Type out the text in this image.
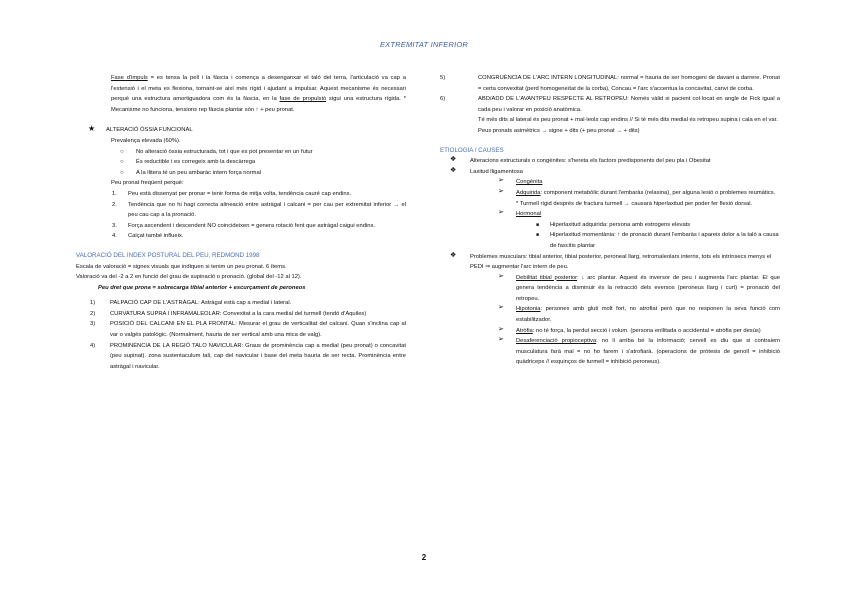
EXTREMITAT INFERIOR

Fase d'impuls = es tensa la pell i la fàscia i comença a desenganxar el taló del terra, l'articulació va cap a l'extensió i el meta es flexiona, tornant-se així més rígid i ajudant a impulsar. Aquest mecanisme és necessari perquè una estructura amortiguadora com és la fàscia, en la fase de propulsió sigui una estructura rígida. * Mecanisme no funciona, tensions rep fàscia plantar són ↑ + peu pronat.

★ ALTERACIÓ ÒSSIA FUNCIONAL

Prevalença elevada (60%).

○ No alteració òssia estructurada, tot i que es pot presentar en un futur

○ És reductible i es corregeix amb la descàrrega

○ A la llitera té un peu ambaràc intern força normal

Peu pronat freqüent perquè:

1. Peu està dissenyat per pronar = tenir forma de mitja volta, tendència cauré cap endins.

2. Tendència que no hi hagi correcta alineació entre astràgal i calcani = per cau per extremitat inferior → el peu cau cap a la pronació.

3. Força ascendent i descendent NO coincideixen = genera rotació fent que astràgal caigui endins.

4. Calçat també influeix.

VALORACIÓ DEL INDEX POSTURAL DEL PEU, REDMOND 1998

Escala de valoració = signes visuals que indiquen si tenim un peu pronat. 6 ítems.

Valoració va del -2 a 2 en funció del grau de supinació o pronació. (global del -12 al 12).

Peu dret que prona = sobrecarga tibial anterior + escurçament de peroneos

1)	PALPACIÓ CAP DE L'ASTRÀGAL: Astràgal està cap a medial i lateral.

2)	CURVATURA SUPRA I INFRAMALEOLAR: Convexitat a la cara medial del turmell (tendó d'Aquiles)

3)	POSICIÓ DEL CALCANI EN EL PLA FRONTAL: Mesurar el grau de verticalitat del calcani. Quan s'inclina cap al var o valgès patològic. (Normalment, hauria de ser vertical amb una mica de valg).

4)	PROMINÈNCIA DE LA REGIÓ TALO NAVICULAR: Graus de prominència cap a medial (peu pronat) o concavitat (peu supinat). zona sustentaculum tali, cap del navicular i base del meta hauria de ser recta. Prominència entre astràgal i navicular.

5)	CONGRUÈNCIA DE L'ARC INTERN LONGITUDINAL: normal = hauria de ser homogeni de davant a darrere. Pronat = certa convexitat (perd homogeneïtat de la corba), Concau = l'arc s'accentua la concavitat, canvi de corba.

6)	ABD/ADD DE L'AVANTPEU RESPECTE AL RETROPEU: Només vàlid si pacient col·locat en angle de Fick igual a cada peu i valorar en posició anatòmica.

Té més dits al lateral és peu pronat + mal·leols cap endins // Si té més dits medial és retropeu supina i cala en el var.

Peus pronats asimètrics → signe + dits (+ peu pronat → + dits)

ETIOLOGIA / CAUSES

❖ Alteracions estructurals o congènites: s'hereta els factors predisponents del peu pla i Obesitat

❖ Laxitud lligamentosa

➢ Congènita

➢ Adquirida: component metabòlic durant l'embaràs (relaxina), per alguna lesió o problemes reumàtics.

* Turmell rígid després de fractura turmell → causarà hiperlaxitud per poder fer flexió dorsal.

➢ Hormonal

■ Hiperlaxitud adquirida: persona amb estrogens elevats

■ Hiperlaxitud momentània: ↑ de pronació durant l'embaràs i apareix dolor a la taló a causa de fascitis plantar

❖ Problemes musculars: tibial anterior, tibial posterior, peroneal llarg, retromaleolars interns, tots els intrínsecs menys el PEDI ⇒ augmentar l'arc intern de peu.

➢ Debilitat tibial posterior: ↓ arc plantar. Aquest és inversor de peu i augmenta l'arc plantar. El que genera tendència a disminuir és la retracció dels eversos (peroneus llarg i curt) = pronació del retropeu.

➢ Hipotonia: persones amb gluti molt fort, no atrofiat però que no responen la seva funció com estabilitzador.

➢ Atròfia: no té força, la perdut secció i volum. (persona enllitada o accidental = atròfia per desús)

➢ Desaferenciació propioceptiva: no li arriba bé la informació; cervell es diu que si contraiem musculatura farà mal = no ho farem i s'atrofiarà. (operacions de pròtesis de genoll = inhibició quàdriceps // esquinços de turmell = inhibició peroneus).

2
